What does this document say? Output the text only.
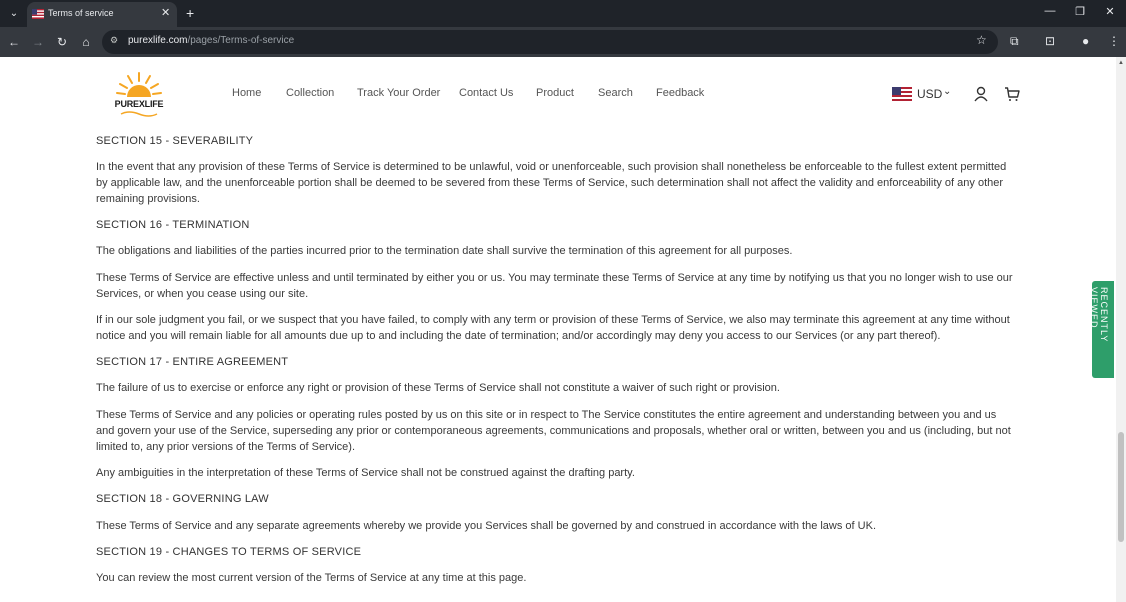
⌄	Terms of service	✕ +	—	❐	✕
← → ↻	⌂	⚙ purexlife.com/pages/Terms-of-service	☆ ⧉ ⊡ ● ⋮
PUREXLIFE
Home Collection Track Your Order Contact Us Product Search Feedback	USD ⌄

SECTION 15 - SEVERABILITY

In the event that any provision of these Terms of Service is determined to be unlawful, void or unenforceable, such provision shall nonetheless be enforceable to the fullest extent permitted by applicable law, and the unenforceable portion shall be deemed to be severed from these Terms of Service, such determination shall not affect the validity and enforceability of any other remaining provisions.

SECTION 16 - TERMINATION

The obligations and liabilities of the parties incurred prior to the termination date shall survive the termination of this agreement for all purposes.

These Terms of Service are effective unless and until terminated by either you or us. You may terminate these Terms of Service at any time by notifying us that you no longer wish to use our Services, or when you cease using our site.

If in our sole judgment you fail, or we suspect that you have failed, to comply with any term or provision of these Terms of Service, we also may terminate this agreement at any time without notice and you will remain liable for all amounts due up to and including the date of termination; and/or accordingly may deny you access to our Services (or any part thereof).

SECTION 17 - ENTIRE AGREEMENT

The failure of us to exercise or enforce any right or provision of these Terms of Service shall not constitute a waiver of such right or provision.

These Terms of Service and any policies or operating rules posted by us on this site or in respect to The Service constitutes the entire agreement and understanding between you and us and govern your use of the Service, superseding any prior or contemporaneous agreements, communications and proposals, whether oral or written, between you and us (including, but not limited to, any prior versions of the Terms of Service).

Any ambiguities in the interpretation of these Terms of Service shall not be construed against the drafting party.

SECTION 18 - GOVERNING LAW

These Terms of Service and any separate agreements whereby we provide you Services shall be governed by and construed in accordance with the laws of UK.

SECTION 19 - CHANGES TO TERMS OF SERVICE

You can review the most current version of the Terms of Service at any time at this page.

RECENTLY VIEWED
▲
